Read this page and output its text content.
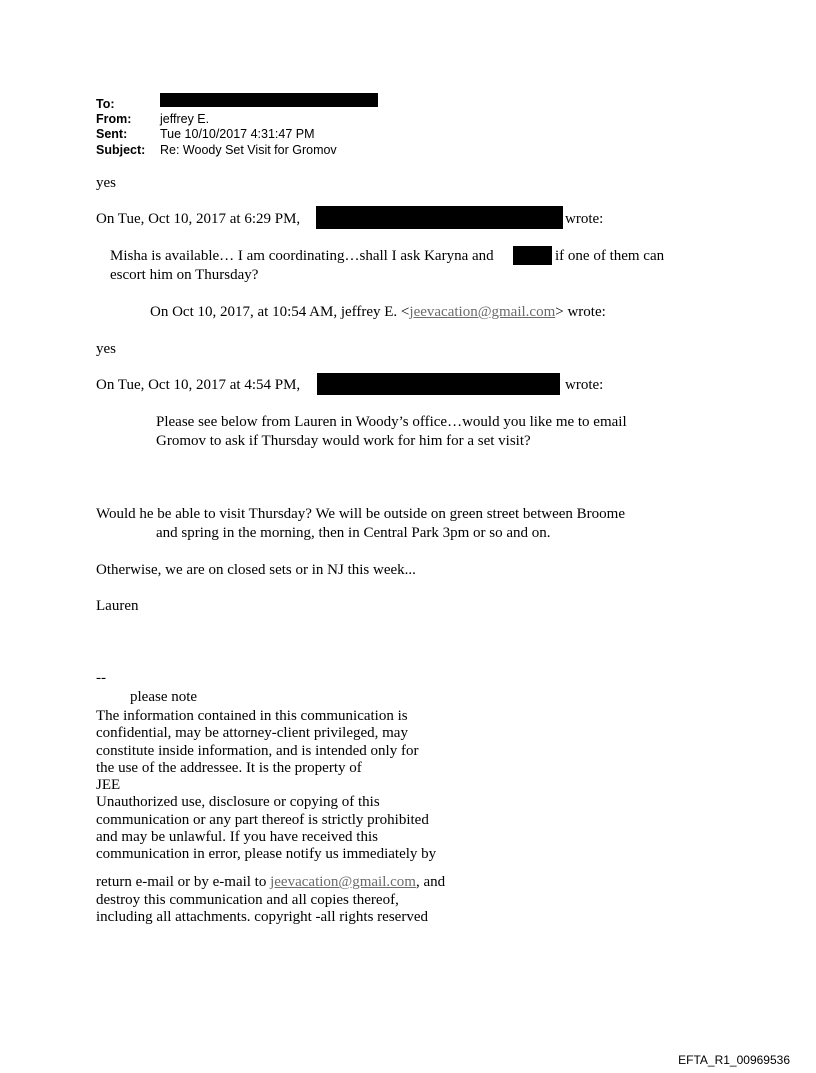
To:
From: jeffrey E.
Sent:	Tue 10/10/2017 4:31:47 PM
Subject: Re: Woody Set Visit for Gromov
yes
On Tue, Oct 10, 2017 at 6:29 PM,	wrote:
Misha is available… I am coordinating…shall I ask Karyna and	if one of them can
escort him on Thursday?
On Oct 10, 2017, at 10:54 AM, jeffrey E. <jeevacation@gmail.com> wrote:
yes
On Tue, Oct 10, 2017 at 4:54 PM,	wrote:
Please see below from Lauren in Woody’s office…would you like me to email
Gromov to ask if Thursday would work for him for a set visit?
Would he be able to visit Thursday? We will be outside on green street between Broome
and spring in the morning, then in Central Park 3pm or so and on.
Otherwise, we are on closed sets or in NJ this week...
Lauren
--
please note
The information contained in this communication is
confidential, may be attorney-client privileged, may
constitute inside information, and is intended only for
the use of the addressee. It is the property of
JEE
Unauthorized use, disclosure or copying of this
communication or any part thereof is strictly prohibited
and may be unlawful. If you have received this
communication in error, please notify us immediately by
return e-mail or by e-mail to jeevacation@gmail.com, and
destroy this communication and all copies thereof,
including all attachments. copyright -all rights reserved
EFTA_R1_00969536
